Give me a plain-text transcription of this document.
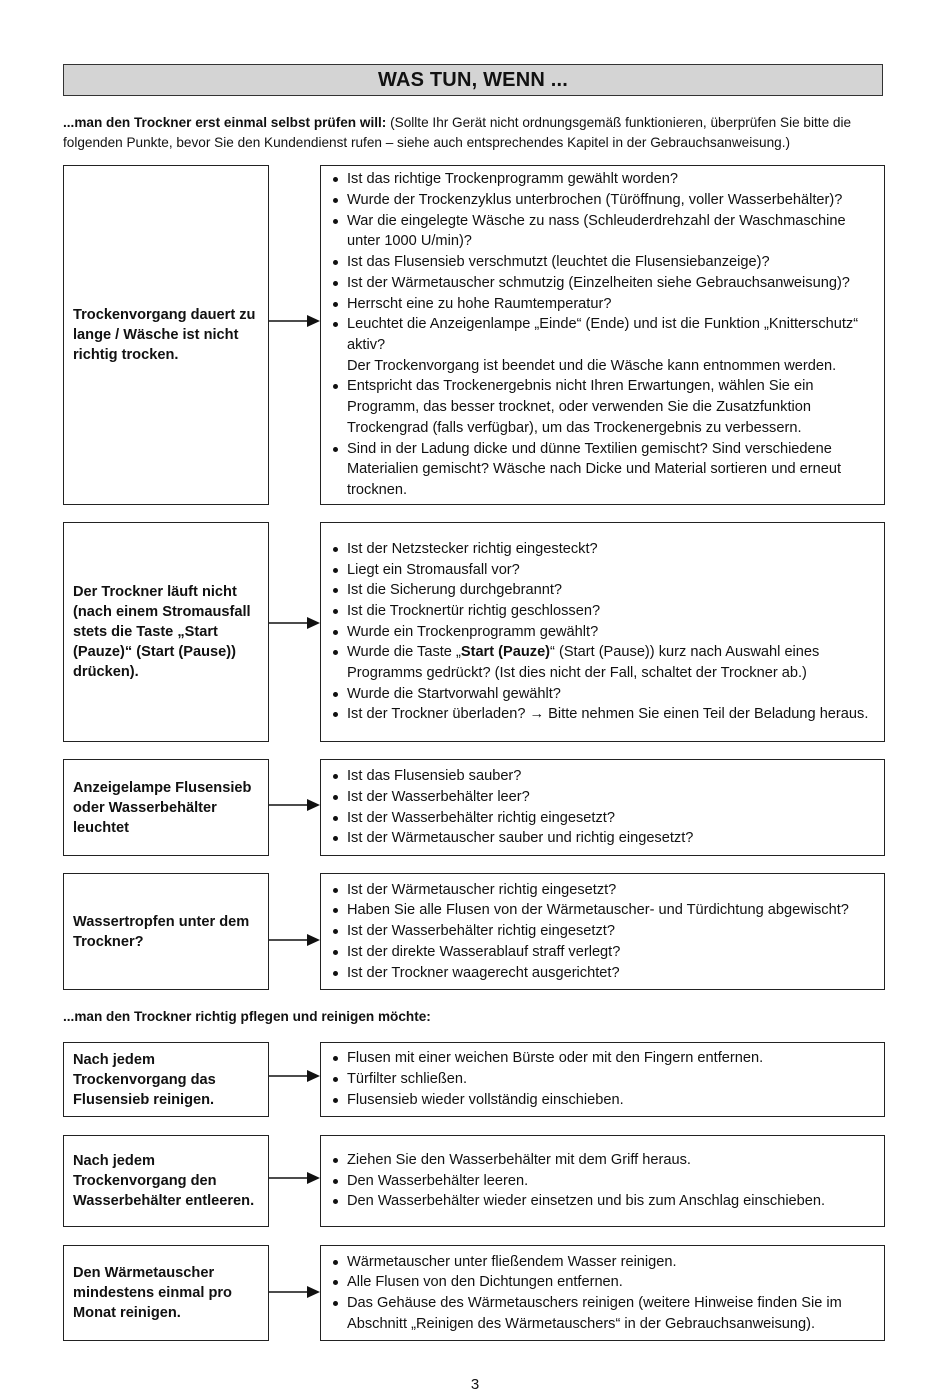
WAS TUN, WENN ...
...man den Trockner erst einmal selbst prüfen will: (Sollte Ihr Gerät nicht ordnungsgemäß funktionieren, überprüfen Sie bitte die folgenden Punkte, bevor Sie den Kundendienst rufen – siehe auch entsprechendes Kapitel in der Gebrauchsanweisung.)
Trockenvorgang dauert zu lange / Wäsche ist nicht richtig trocken.
Ist das richtige Trockenprogramm gewählt worden?
Wurde der Trockenzyklus unterbrochen (Türöffnung, voller Wasserbehälter)?
War die eingelegte Wäsche zu nass (Schleuderdrehzahl der Waschmaschine unter 1000 U/min)?
Ist das Flusensieb verschmutzt (leuchtet die Flusensiebanzeige)?
Ist der Wärmetauscher schmutzig (Einzelheiten siehe Gebrauchsanweisung)?
Herrscht eine zu hohe Raumtemperatur?
Leuchtet die Anzeigenlampe „Einde“ (Ende) und ist die Funktion „Knitterschutz“ aktiv?
Der Trockenvorgang ist beendet und die Wäsche kann entnommen werden.
Entspricht das Trockenergebnis nicht Ihren Erwartungen, wählen Sie ein Programm, das besser trocknet, oder verwenden Sie die Zusatzfunktion Trockengrad (falls verfügbar), um das Trockenergebnis zu verbessern.
Sind in der Ladung dicke und dünne Textilien gemischt? Sind verschiedene Materialien gemischt? Wäsche nach Dicke und Material sortieren und erneut trocknen.
Der Trockner läuft nicht (nach einem Stromausfall stets die Taste „Start (Pauze)“ (Start (Pause)) drücken).
Ist der Netzstecker richtig eingesteckt?
Liegt ein Stromausfall vor?
Ist die Sicherung durchgebrannt?
Ist die Trocknertür richtig geschlossen?
Wurde ein Trockenprogramm gewählt?
Wurde die Taste „Start (Pauze)“ (Start (Pause)) kurz nach Auswahl eines Programms gedrückt? (Ist dies nicht der Fall, schaltet der Trockner ab.)
Wurde die Startvorwahl gewählt?
Ist der Trockner überladen? → Bitte nehmen Sie einen Teil der Beladung heraus.
Anzeigelampe Flusensieb oder Wasserbehälter leuchtet
Ist das Flusensieb sauber?
Ist der Wasserbehälter leer?
Ist der Wasserbehälter richtig eingesetzt?
Ist der Wärmetauscher sauber und richtig eingesetzt?
Wassertropfen unter dem Trockner?
Ist der Wärmetauscher richtig eingesetzt?
Haben Sie alle Flusen von der Wärmetauscher- und Türdichtung abgewischt?
Ist der Wasserbehälter richtig eingesetzt?
Ist der direkte Wasserablauf straff verlegt?
Ist der Trockner waagerecht ausgerichtet?
...man den Trockner richtig pflegen und reinigen möchte:
Nach jedem Trockenvorgang das Flusensieb reinigen.
Flusen mit einer weichen Bürste oder mit den Fingern entfernen.
Türfilter schließen.
Flusensieb wieder vollständig einschieben.
Nach jedem Trockenvorgang den Wasserbehälter entleeren.
Ziehen Sie den Wasserbehälter mit dem Griff heraus.
Den Wasserbehälter leeren.
Den Wasserbehälter wieder einsetzen und bis zum Anschlag einschieben.
Den Wärmetauscher mindestens einmal pro Monat reinigen.
Wärmetauscher unter fließendem Wasser reinigen.
Alle Flusen von den Dichtungen entfernen.
Das Gehäuse des Wärmetauschers reinigen (weitere Hinweise finden Sie im Abschnitt „Reinigen des Wärmetauschers“ in der Gebrauchsanweisung).
3
